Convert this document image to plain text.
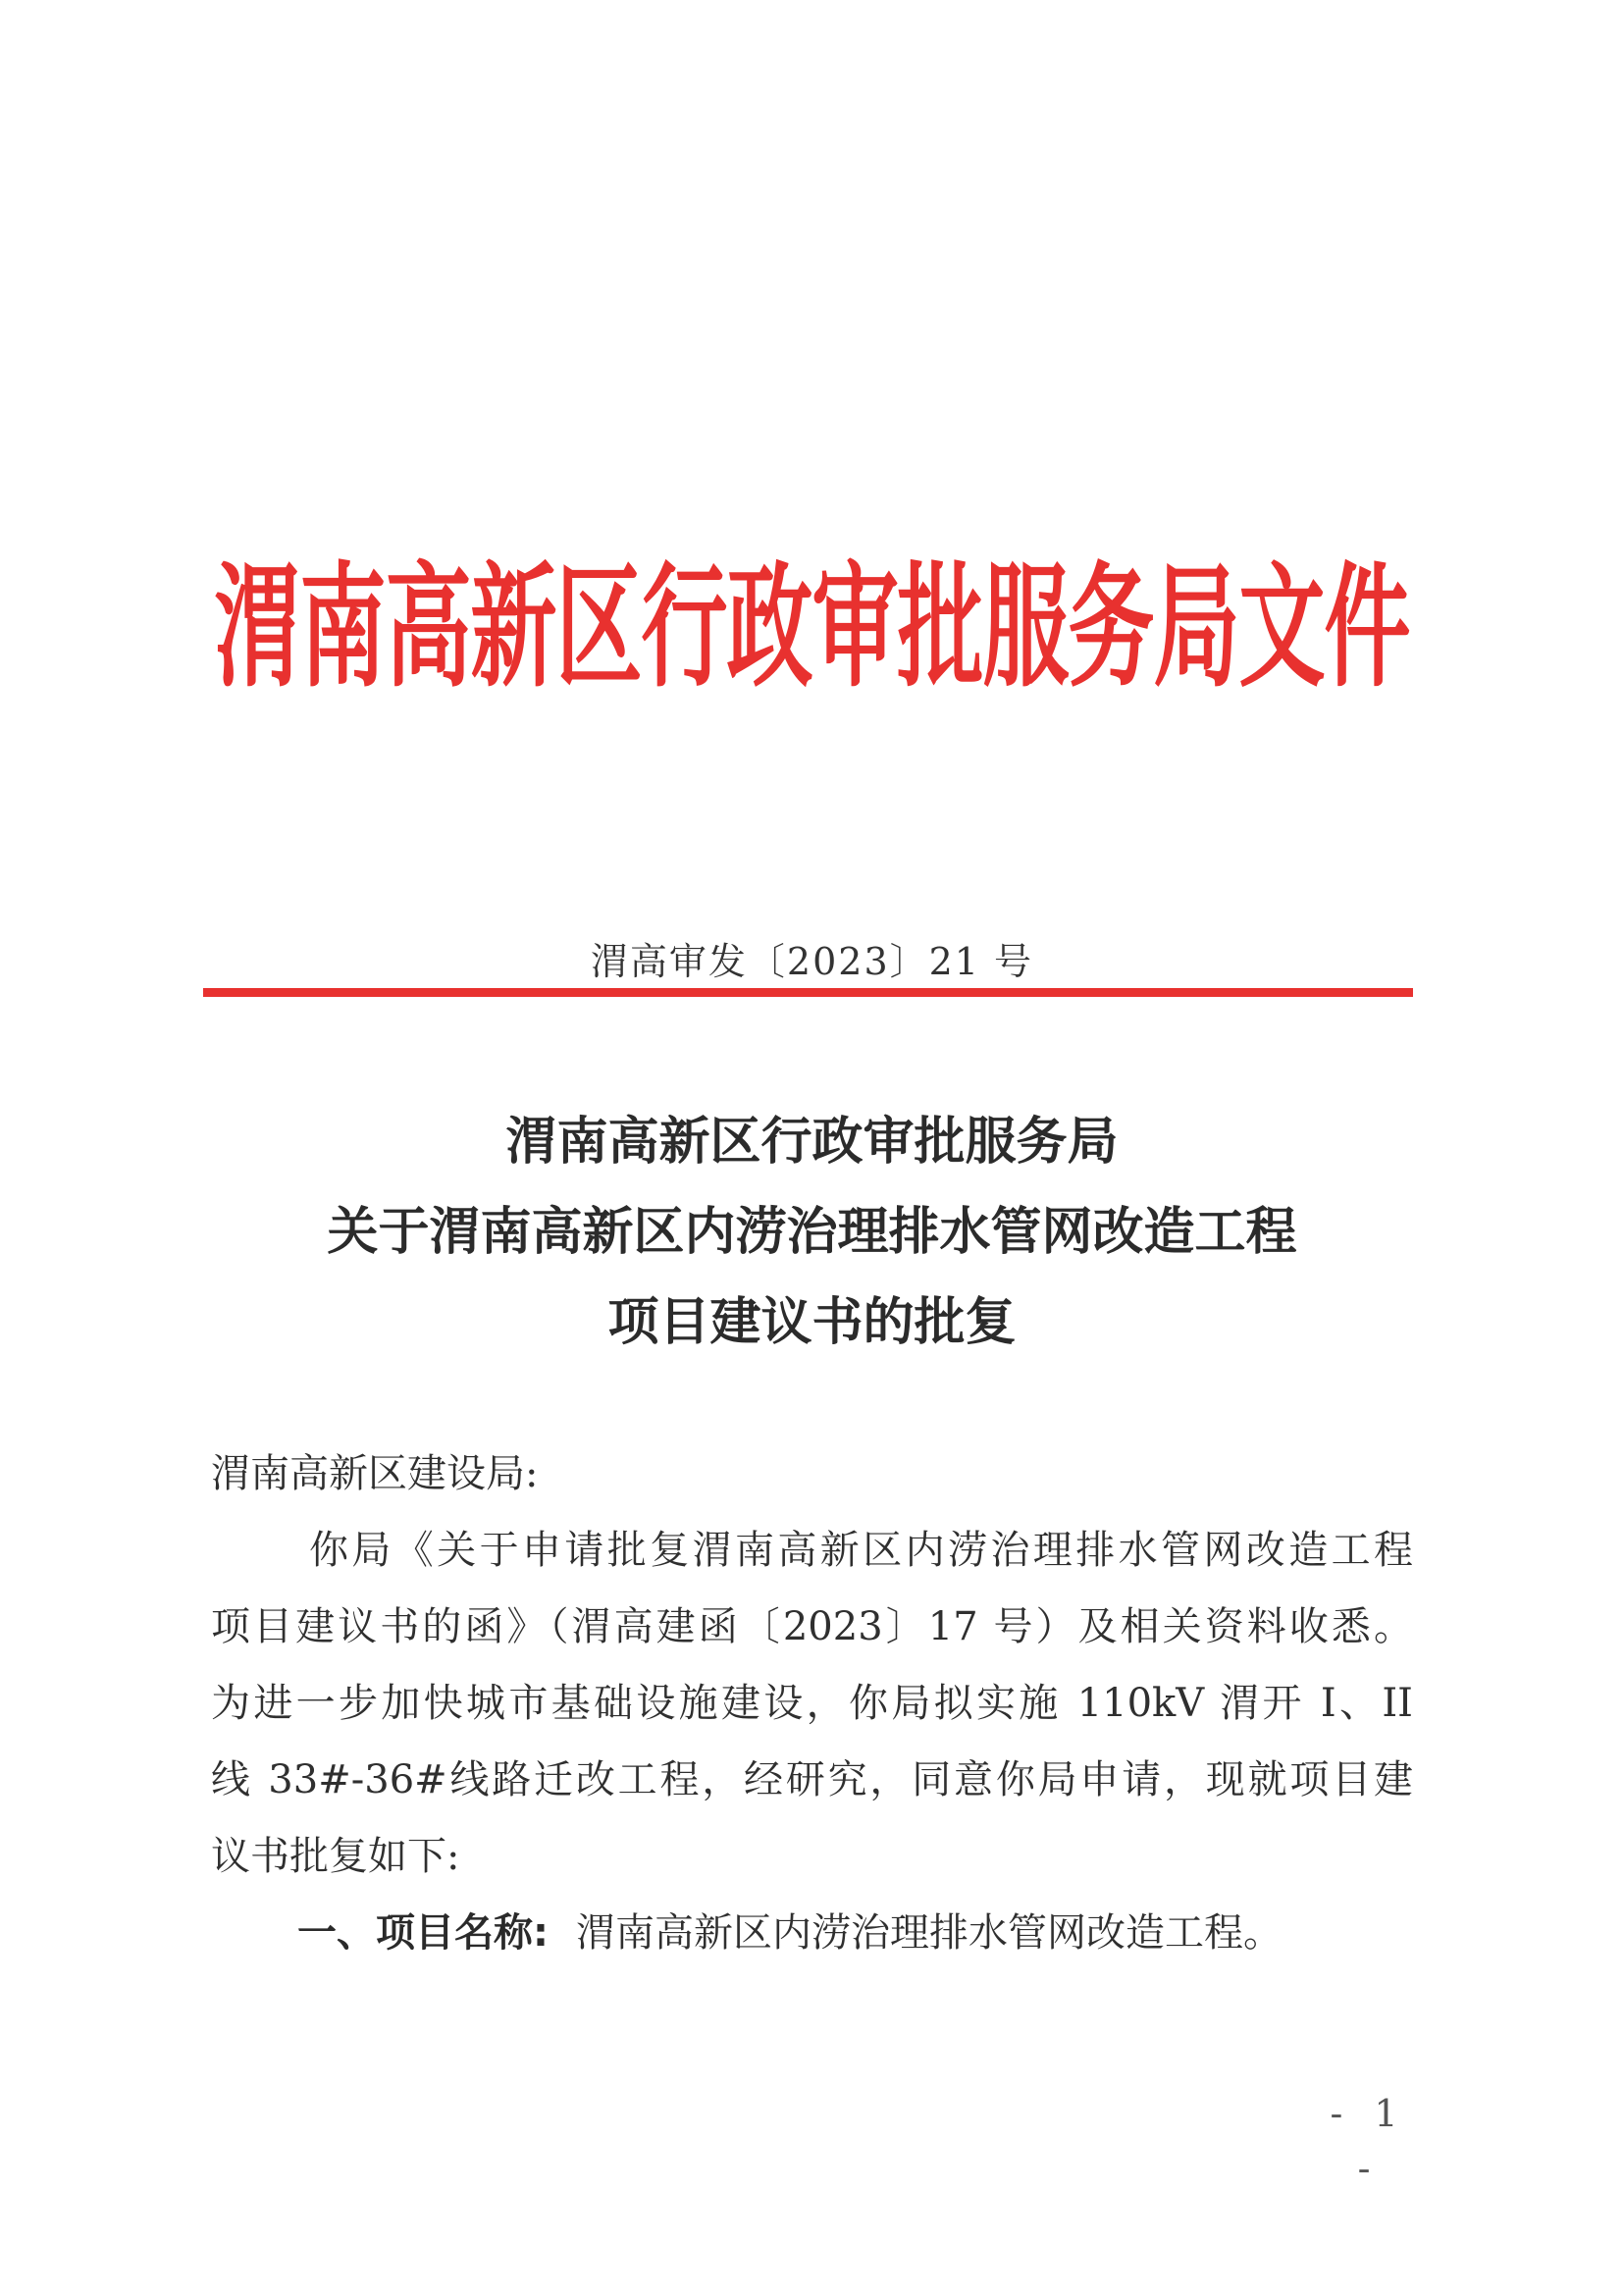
渭南高新区行政审批服务局文件
渭高审发〔2023〕21 号
渭南高新区行政审批服务局
关于渭南高新区内涝治理排水管网改造工程
项目建议书的批复
渭南高新区建设局:
你局《关于申请批复渭南高新区内涝治理排水管网改造工程
项目建议书的函》（渭高建函〔2023〕17 号）及相关资料收悉。
为进一步加快城市基础设施建设，你局拟实施 110kV 渭开 I、II
线 33#-36#线路迁改工程，经研究，同意你局申请，现就项目建
议书批复如下:
一、项目名称: 渭南高新区内涝治理排水管网改造工程。
- 1 -
